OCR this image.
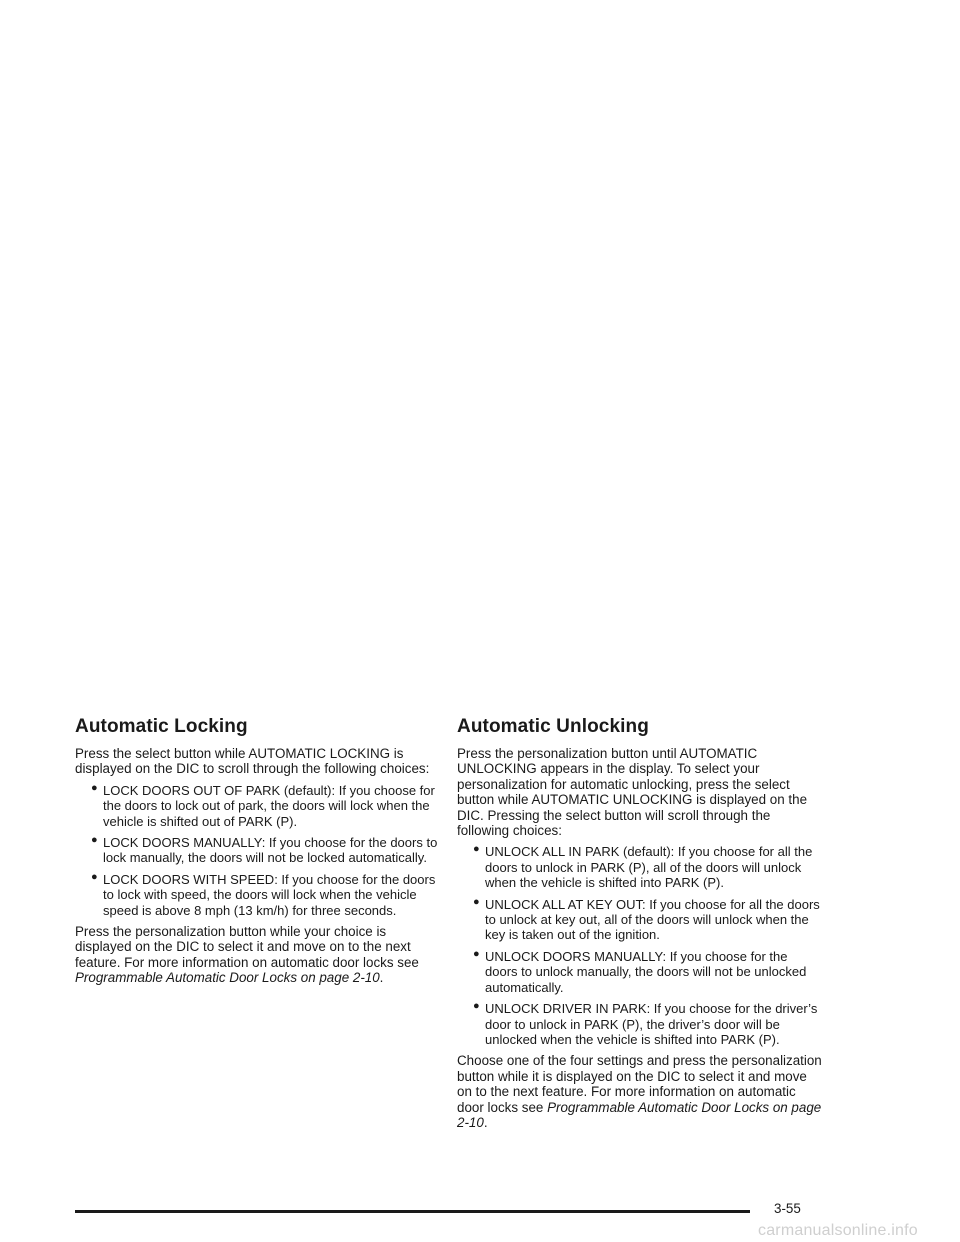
Automatic Locking

Press the select button while AUTOMATIC LOCKING is displayed on the DIC to scroll through the following choices:

● LOCK DOORS OUT OF PARK (default): If you choose for the doors to lock out of park, the doors will lock when the vehicle is shifted out of PARK (P).
● LOCK DOORS MANUALLY: If you choose for the doors to lock manually, the doors will not be locked automatically.
● LOCK DOORS WITH SPEED: If you choose for the doors to lock with speed, the doors will lock when the vehicle speed is above 8 mph (13 km/h) for three seconds.

Press the personalization button while your choice is displayed on the DIC to select it and move on to the next feature. For more information on automatic door locks see Programmable Automatic Door Locks on page 2-10.

Automatic Unlocking

Press the personalization button until AUTOMATIC UNLOCKING appears in the display. To select your personalization for automatic unlocking, press the select button while AUTOMATIC UNLOCKING is displayed on the DIC. Pressing the select button will scroll through the following choices:

● UNLOCK ALL IN PARK (default): If you choose for all the doors to unlock in PARK (P), all of the doors will unlock when the vehicle is shifted into PARK (P).
● UNLOCK ALL AT KEY OUT: If you choose for all the doors to unlock at key out, all of the doors will unlock when the key is taken out of the ignition.
● UNLOCK DOORS MANUALLY: If you choose for the doors to unlock manually, the doors will not be unlocked automatically.
● UNLOCK DRIVER IN PARK: If you choose for the driver’s door to unlock in PARK (P), the driver’s door will be unlocked when the vehicle is shifted into PARK (P).

Choose one of the four settings and press the personalization button while it is displayed on the DIC to select it and move on to the next feature. For more information on automatic door locks see Programmable Automatic Door Locks on page 2-10.

3-55
carmanualsonline.info
